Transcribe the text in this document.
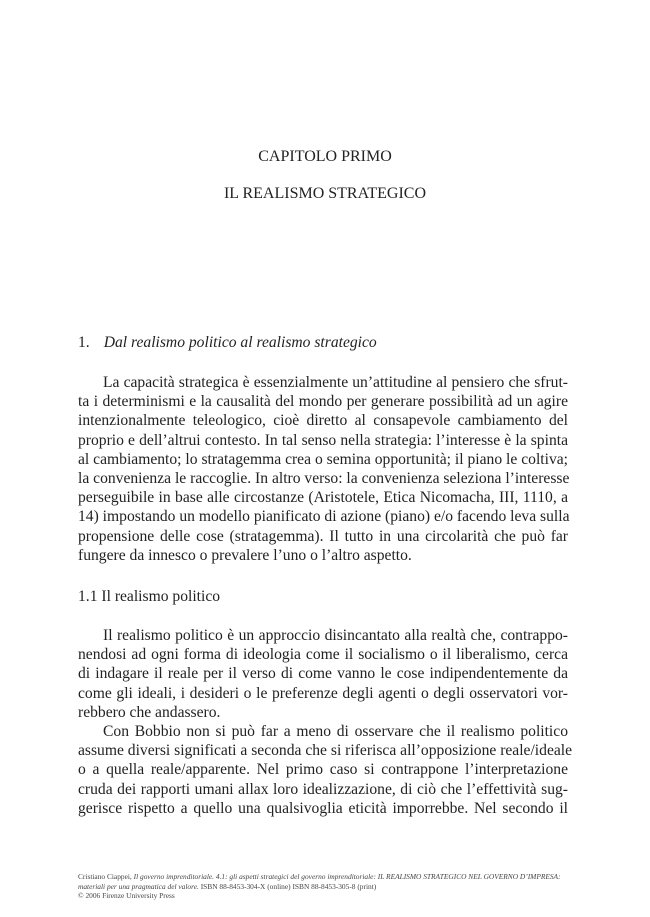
CAPITOLO PRIMO
IL REALISMO STRATEGICO
1. Dal realismo politico al realismo strategico
La capacità strategica è essenzialmente un’attitudine al pensiero che sfrut-
ta i determinismi e la causalità del mondo per generare possibilità ad un agire
intenzionalmente teleologico, cioè diretto al consapevole cambiamento del
proprio e dell’altrui contesto. In tal senso nella strategia: l’interesse è la spinta
al cambiamento; lo stratagemma crea o semina opportunità; il piano le coltiva;
la convenienza le raccoglie. In altro verso: la convenienza seleziona l’interesse
perseguibile in base alle circostanze (Aristotele, Etica Nicomacha, III, 1110, a
14) impostando un modello pianificato di azione (piano) e/o facendo leva sulla
propensione delle cose (stratagemma). Il tutto in una circolarità che può far
fungere da innesco o prevalere l’uno o l’altro aspetto.
1.1 Il realismo politico
Il realismo politico è un approccio disincantato alla realtà che, contrappo-
nendosi ad ogni forma di ideologia come il socialismo o il liberalismo, cerca
di indagare il reale per il verso di come vanno le cose indipendentemente da
come gli ideali, i desideri o le preferenze degli agenti o degli osservatori vor-
rebbero che andassero.
Con Bobbio non si può far a meno di osservare che il realismo politico
assume diversi significati a seconda che si riferisca all’opposizione reale/ideale
o a quella reale/apparente. Nel primo caso si contrappone l’interpretazione
cruda dei rapporti umani allax loro idealizzazione, di ciò che l’effettività sug-
gerisce rispetto a quello una qualsivoglia eticità imporrebbe. Nel secondo il
Cristiano Ciappei, Il governo imprenditoriale. 4.1: gli aspetti strategici del governo imprenditoriale: IL REALISMO STRATEGICO NEL GOVERNO D’IMPRESA: materiali per una pragmatica del valore. ISBN 88-8453-304-X (online) ISBN 88-8453-305-8 (print)
© 2006 Firenze University Press
